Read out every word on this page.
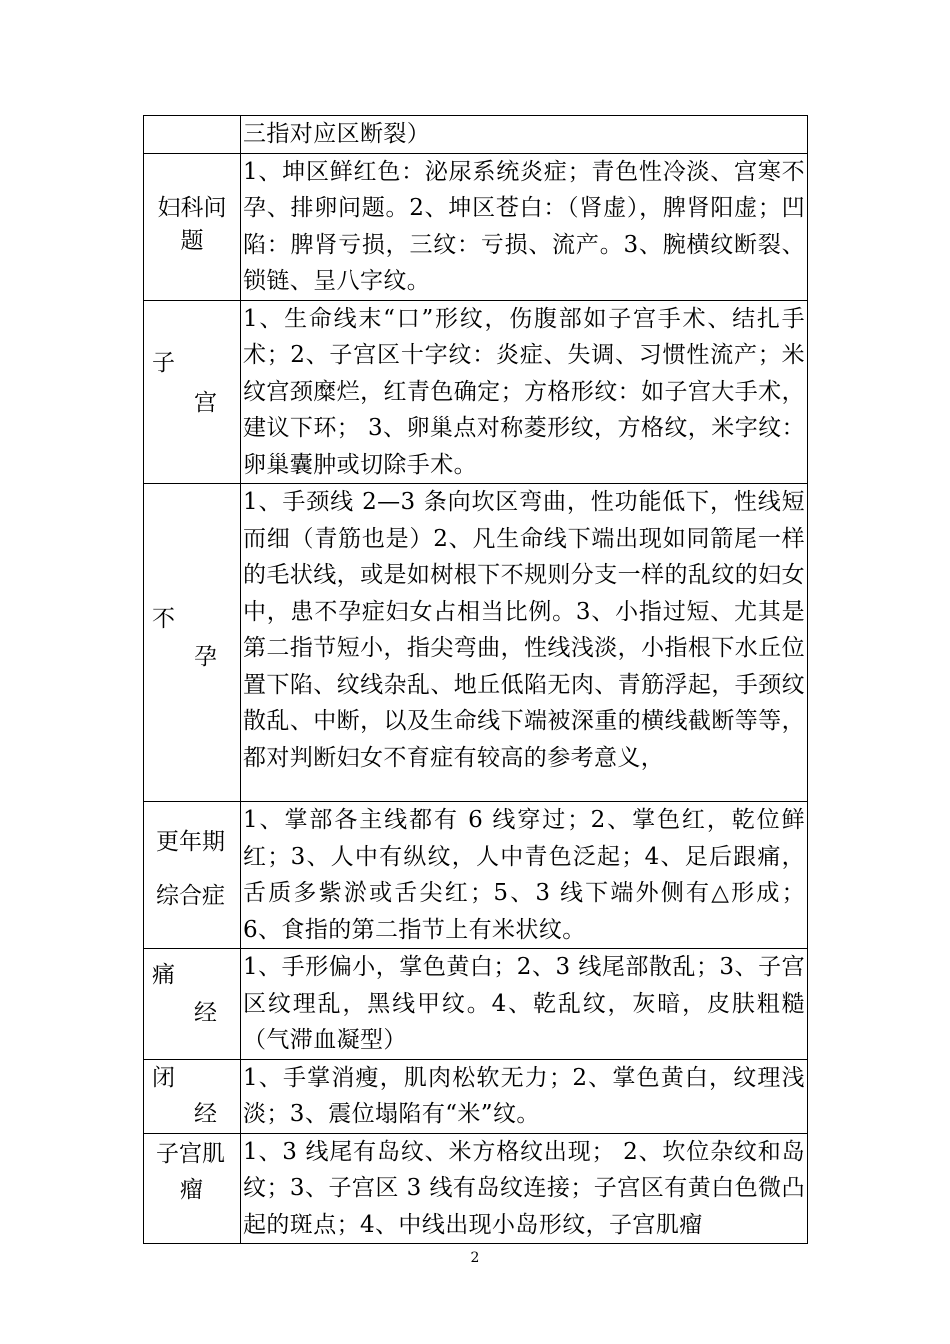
	三指对应区断裂）

妇科问题	1、坤区鲜红色：泌尿系统炎症；青色性冷淡、宫寒不孕、排卵问题。2、坤区苍白：（肾虚），脾肾阳虚；凹陷：脾肾亏损，三纹：亏损、流产。3、腕横纹断裂、锁链、呈八字纹。

子
宫	1、生命线末“口”形纹，伤腹部如子宫手术、结扎手术；2、子宫区十字纹：炎症、失调、习惯性流产；米纹宫颈糜烂，红青色确定；方格形纹：如子宫大手术，建议下环； 3、卵巢点对称菱形纹，方格纹，米字纹：卵巢囊肿或切除手术。

不
孕	1、手颈线 2—3 条向坎区弯曲，性功能低下，性线短而细（青筋也是）2、凡生命线下端出现如同箭尾一样的毛状线，或是如树根下不规则分支一样的乱纹的妇女中，患不孕症妇女占相当比例。3、小指过短、尤其是第二指节短小，指尖弯曲，性线浅淡，小指根下水丘位置下陷、纹线杂乱、地丘低陷无肉、青筋浮起，手颈纹散乱、中断，以及生命线下端被深重的横线截断等等，都对判断妇女不育症有较高的参考意义，

更年期
综合症	1、掌部各主线都有 6 线穿过；2、掌色红，乾位鲜红；3、人中有纵纹，人中青色泛起；4、足后跟痛，舌质多紫淤或舌尖红；5、3 线下端外侧有△形成；6、食指的第二指节上有米状纹。

痛
经	1、手形偏小，掌色黄白；2、3 线尾部散乱；3、子宫区纹理乱，黑线甲纹。4、乾乱纹，灰暗，皮肤粗糙（气滞血凝型）

闭
经	1、手掌消瘦，肌肉松软无力；2、掌色黄白，纹理浅淡；3、震位塌陷有“米”纹。

子宫肌
瘤	1、3 线尾有岛纹、米方格纹出现； 2、坎位杂纹和岛纹；3、子宫区 3 线有岛纹连接；子宫区有黄白色微凸起的斑点；4、中线出现小岛形纹，子宫肌瘤
2
